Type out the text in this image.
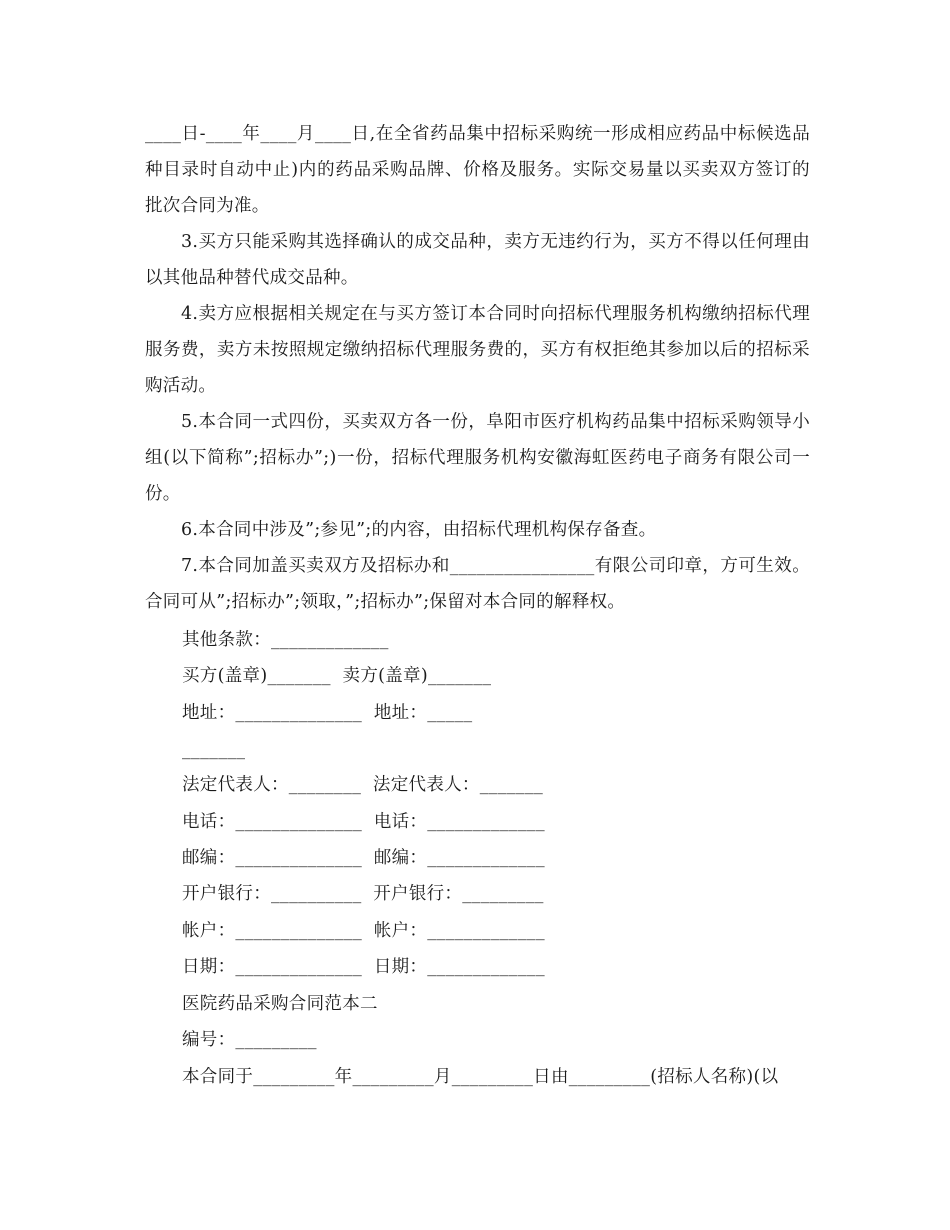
____日-____年____月____日,在全省药品集中招标采购统一形成相应药品中标候选品种目录时自动中止)内的药品采购品牌、价格及服务。实际交易量以买卖双方签订的批次合同为准。

3.买方只能采购其选择确认的成交品种，卖方无违约行为，买方不得以任何理由以其他品种替代成交品种。

4.卖方应根据相关规定在与买方签订本合同时向招标代理服务机构缴纳招标代理服务费，卖方未按照规定缴纳招标代理服务费的，买方有权拒绝其参加以后的招标采购活动。

5.本合同一式四份，买卖双方各一份，阜阳市医疗机构药品集中招标采购领导小组(以下简称”;招标办”;)一份，招标代理服务机构安徽海虹医药电子商务有限公司一份。

6.本合同中涉及”;参见”;的内容，由招标代理机构保存备查。

7.本合同加盖买卖双方及招标办和________________有限公司印章，方可生效。合同可从”;招标办”;领取，”;招标办”;保留对本合同的解释权。

其他条款：_____________

买方(盖章)_______  卖方(盖章)_______

地址：______________  地址：_____

_______

法定代表人：________  法定代表人：_______

电话：______________  电话：_____________

邮编：______________  邮编：_____________

开户银行：__________  开户银行：_________

帐户：______________  帐户：_____________

日期：______________  日期：_____________

医院药品采购合同范本二

编号：_________

本合同于_________年_________月_________日由_________(招标人名称)(以
